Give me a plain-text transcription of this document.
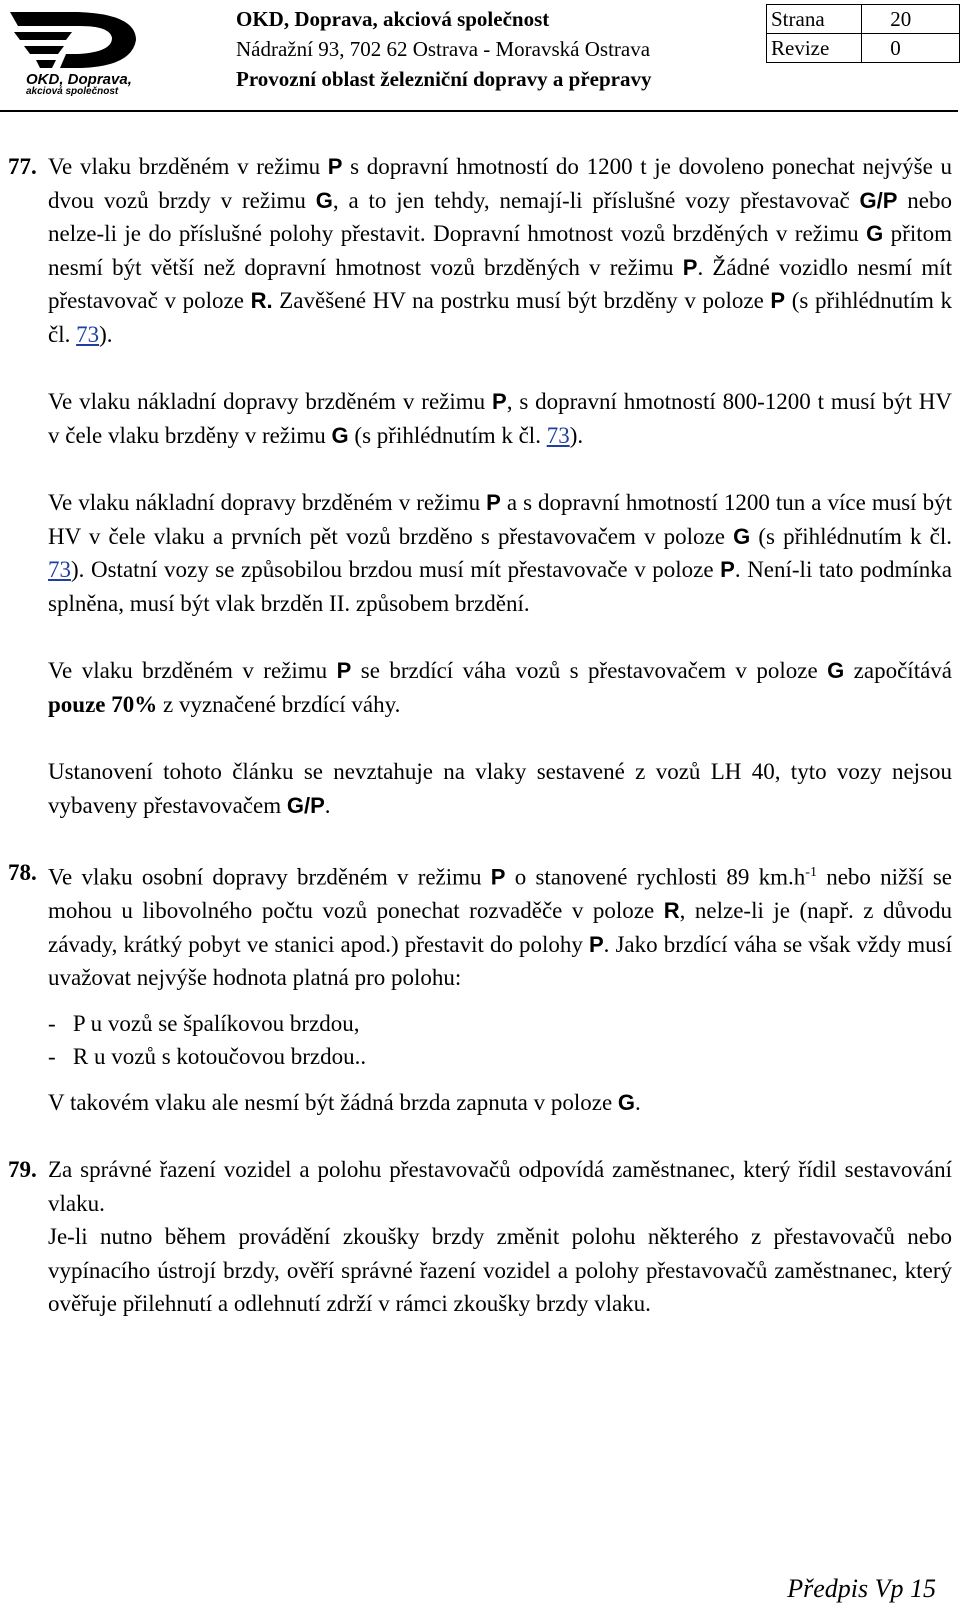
OKD, Doprava,
akciová společnost
OKD, Doprava, akciová společnost
Nádražní 93, 702 62 Ostrava - Moravská Ostrava
Provozní oblast železniční dopravy a přepravy
Strana	20
Revize	0
77. Ve vlaku brzděném v režimu P s dopravní hmotností do 1200 t je dovoleno ponechat nejvýše u dvou vozů brzdy v režimu G, a to jen tehdy, nemají-li příslušné vozy přestavovač G/P nebo nelze-li je do příslušné polohy přestavit. Dopravní hmotnost vozů brzděných v režimu G přitom nesmí být větší než dopravní hmotnost vozů brzděných v režimu P. Žádné vozidlo nesmí mít přestavovač v poloze R. Zavěšené HV na postrku musí být brzděny v poloze P (s přihlédnutím k čl. 73).

Ve vlaku nákladní dopravy brzděném v režimu P, s dopravní hmotností 800-1200 t musí být HV v čele vlaku brzděny v režimu G (s přihlédnutím k čl. 73).

Ve vlaku nákladní dopravy brzděném v režimu P a s dopravní hmotností 1200 tun a více musí být HV v čele vlaku a prvních pět vozů brzděno s přestavovačem v poloze G (s přihlédnutím k čl. 73). Ostatní vozy se způsobilou brzdou musí mít přestavovače v poloze P. Není-li tato podmínka splněna, musí být vlak brzděn II. způsobem brzdění.

Ve vlaku brzděném v režimu P se brzdící váha vozů s přestavovačem v poloze G započítává pouze 70% z vyznačené brzdící váhy.

Ustanovení tohoto článku se nevztahuje na vlaky sestavené z vozů LH 40, tyto vozy nejsou vybaveny přestavovačem G/P.

78. Ve vlaku osobní dopravy brzděném v režimu P o stanovené rychlosti 89 $km.h^{-1}$ nebo nižší se mohou u libovolného počtu vozů ponechat rozvaděče v poloze R, nelze-li je (např. z důvodu závady, krátký pobyt ve stanici apod.) přestavit do polohy P. Jako brzdící váha se však vždy musí uvažovat nejvýše hodnota platná pro polohu:

-   P u vozů se špalíkovou brzdou,

-   R u vozů s kotoučovou brzdou..

V takovém vlaku ale nesmí být žádná brzda zapnuta v poloze G.

79. Za správné řazení vozidel a polohu přestavovačů odpovídá zaměstnanec, který řídil sestavování vlaku.

Je-li nutno během provádění zkoušky brzdy změnit polohu některého z přestavovačů nebo vypínacího ústrojí brzdy, ověří správné řazení vozidel a polohy přestavovačů zaměstnanec, který ověřuje přilehnutí a odlehnutí zdrží v rámci zkoušky brzdy vlaku.

Předpis Vp 15
